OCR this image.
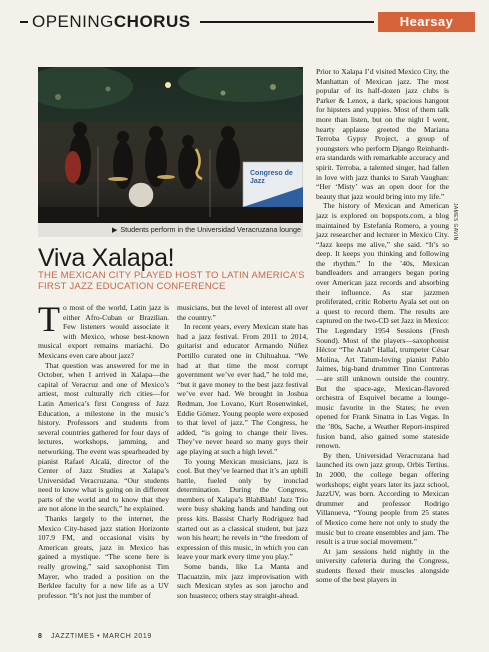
OPENINGCHORUS	Hearsay
Congreso de Jazz
▶ Students perform in the Universidad Veracruzana lounge
Viva Xalapa!
THE MEXICAN CITY PLAYED HOST TO LATIN AMERICA’S FIRST JAZZ EDUCATION CONFERENCE

To most of the world, Latin jazz is either Afro-Cuban or Brazilian. Few listeners would associate it with Mexico, whose best-known musical export remains mariachi. Do Mexicans even care about jazz?

That question was answered for me in October, when I arrived in Xalapa—the capital of Veracruz and one of Mexico’s artiest, most culturally rich cities—for Latin America’s first Congress of Jazz Education, a milestone in the music’s history. Professors and students from several countries gathered for four days of lectures, workshops, jamming, and networking. The event was spearheaded by pianist Rafael Alcalá, director of the Center of Jazz Studies at Xalapa’s Universidad Veracruzana. “Our students need to know what is going on in different parts of the world and to know that they are not alone in the search,” he explained.

Thanks largely to the internet, the Mexico City-based jazz station Horizonte 107.9 FM, and occasional visits by American greats, jazz in Mexico has gained a mystique. “The scene here is really growing,” said saxophonist Tim Mayer, who traded a position on the Berklee faculty for a new life as a UV professor. “It’s not just the number of

musicians, but the level of interest all over the country.”

In recent years, every Mexican state has had a jazz festival. From 2011 to 2014, guitarist and educator Armando Núñez Portillo curated one in Chihuahua. “We had at that time the most corrupt government we’ve ever had,” he told me, “but it gave money to the best jazz festival we’ve ever had. We brought in Joshua Redman, Joe Lovano, Kurt Rosenwinkel, Eddie Gómez. Young people were exposed to that level of jazz.” The Congress, he added, “is going to change their lives. They’ve never heard so many guys their age playing at such a high level.”

To young Mexican musicians, jazz is cool. But they’ve learned that it’s an uphill battle, fueled only by ironclad determination. During the Congress, members of Xalapa’s BlahBlah! Jazz Trio were busy shaking hands and handing out press kits. Bassist Charly Rodríguez had started out as a classical student, but jazz won his heart; he revels in “the freedom of expression of this music, in which you can leave your mark every time you play.”

Some bands, like La Manta and Tlacuatzin, mix jazz improvisation with such Mexican styles as son jarocho and son huasteco; others stay straight-ahead.

Prior to Xalapa I’d visited Mexico City, the Manhattan of Mexican jazz. The most popular of its half-dozen jazz clubs is Parker & Lenox, a dark, spacious hangout for hipsters and yuppies. Most of them talk more than listen, but on the night I went, hearty applause greeted the Mariana Terroba Gypsy Project, a group of youngsters who perform Django Reinhardt-era standards with remarkable accuracy and spirit. Terroba, a talented singer, had fallen in love with jazz thanks to Sarah Vaughan: “Her ‘Misty’ was an open door for the beauty that jazz would bring into my life.”

The history of Mexican and American jazz is explored on bopspots.com, a blog maintained by Estefanía Romero, a young jazz researcher and lecturer in Mexico City. “Jazz keeps me alive,” she said. “It’s so deep. It keeps you thinking and following the rhythm.” In the ’40s, Mexican bandleaders and arrangers began poring over American jazz records and absorbing their influence. As star jazzmen proliferated, critic Roberto Ayala set out on a quest to record them. The results are captured on the two-CD set Jazz in Mexico: The Legendary 1954 Sessions (Fresh Sound). Most of the players—saxophonist Héctor “The Arab” Hallal, trumpeter César Molina, Art Tatum-loving pianist Pablo Jaimes, big-band drummer Tino Contreras—are still unknown outside the country. But the space-age, Mexican-flavored orchestra of Esquivel became a lounge-music favorite in the States; he even opened for Frank Sinatra in Las Vegas. In the ’80s, Sache, a Weather Report-inspired fusion band, also gained some stateside renown.

By then, Universidad Veracruzana had launched its own jazz group, Orbis Tertius. In 2000, the college began offering workshops; eight years later its jazz school, JazzUV, was born. According to Mexican drummer and professor Rodrigo Villanueva, “Young people from 25 states of Mexico come here not only to study the music but to create ensembles and jam. The result is a true social movement.”

At jam sessions held nightly in the university cafeteria during the Congress, students flexed their muscles alongside some of the best players in

JAMES GAVIN
8 JAZZTIMES • MARCH 2019
